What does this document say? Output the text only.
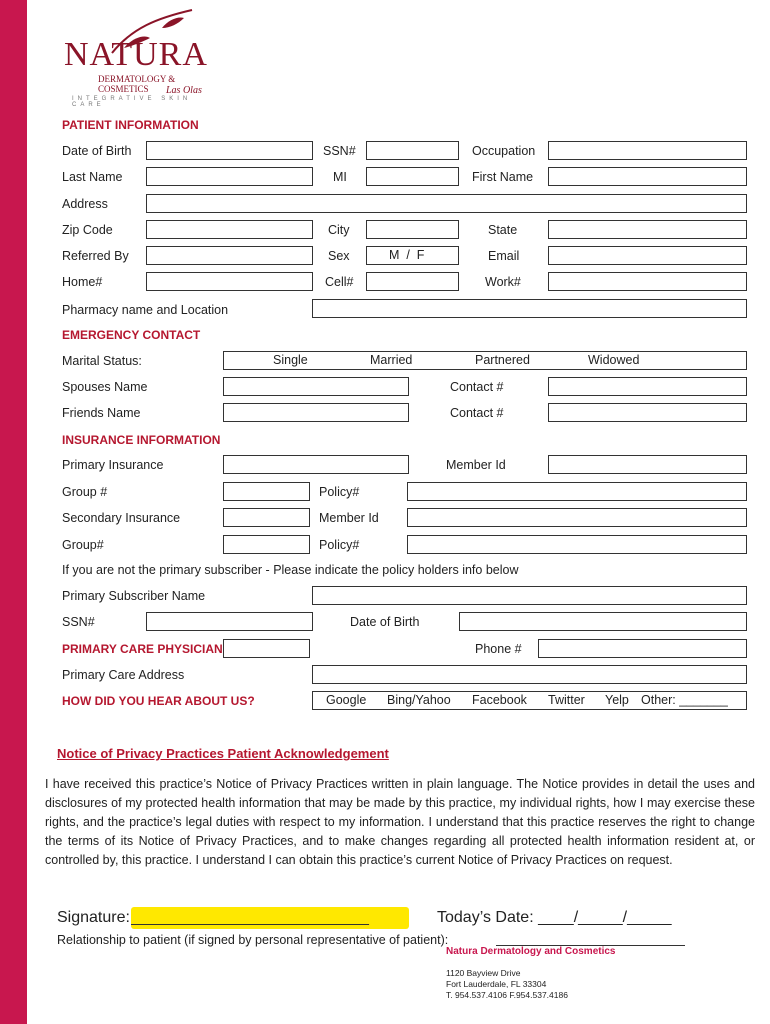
NATURA
DERMATOLOGY & COSMETICS	Las Olas
INTEGRATIVE SKIN CARE
PATIENT INFORMATION
Date of Birth	SSN#	Occupation
Last Name	MI	First Name
Address
Zip Code	City	State
Referred By	Sex	M  /  F	Email
Home#	Cell#	Work#
Pharmacy name and Location
EMERGENCY CONTACT
Marital Status:	Single	Married	Partnered	Widowed
Spouses Name	Contact #
Friends Name	Contact #
INSURANCE INFORMATION
Primary Insurance	Member Id
Group #	Policy#
Secondary Insurance	Member Id
Group#	Policy#
If you are not the primary subscriber - Please indicate the policy holders info below
Primary Subscriber Name
SSN#	Date of Birth
PRIMARY CARE PHYSICIAN	Phone #
Primary Care Address
HOW DID YOU HEAR ABOUT US?	Google Bing/Yahoo Facebook Twitter Yelp Other: _______
Notice of Privacy Practices Patient Acknowledgement
I have received this practice’s Notice of Privacy Practices written in plain language. The Notice provides in detail the uses and disclosures of my protected health information that may be made by this practice, my individual rights, how I may exercise these rights, and the practice’s legal duties with respect to my information. I understand that this practice reserves the right to change the terms of its Notice of Privacy Practices, and to make changes regarding all protected health information resident at, or controlled by, this practice. I understand I can obtain this practice’s current Notice of Privacy Practices on request.
Signature: ______________________________	Today’s Date: ____/_____/_____
Relationship to patient (if signed by personal representative of patient):
Natura Dermatology and Cosmetics
1120 Bayview Drive
Fort Lauderdale, FL 33304
T. 954.537.4106 F.954.537.4186
